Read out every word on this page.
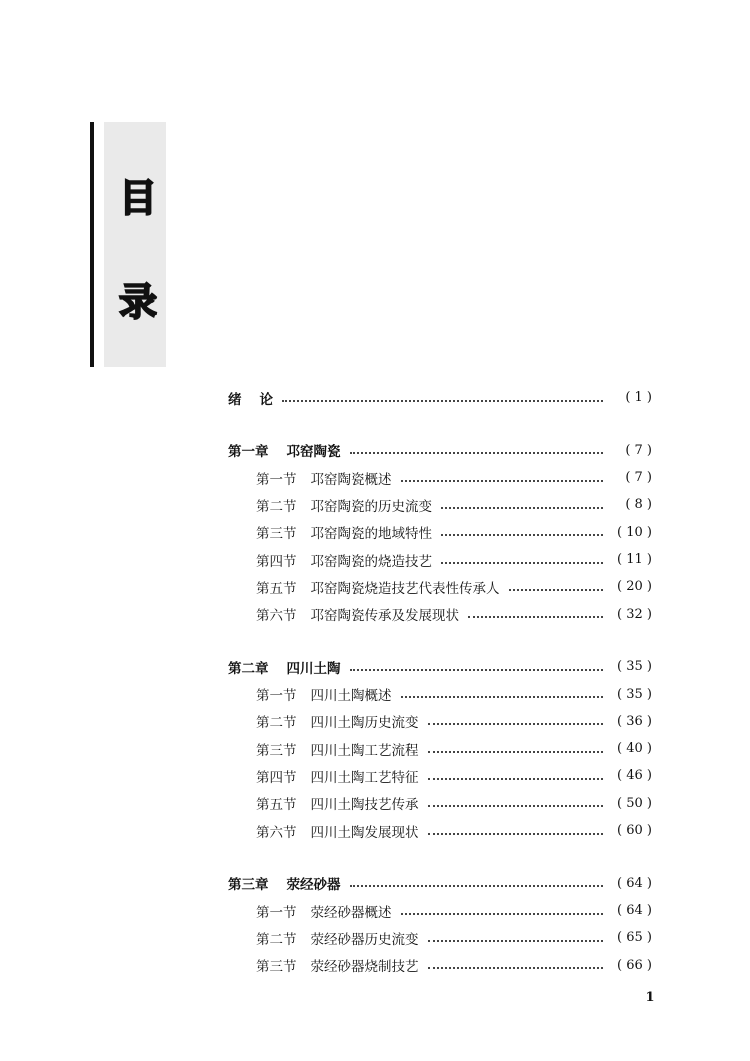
目
录
绪 论	( 1 )
第一章 邛窑陶瓷	( 7 )
第一节 邛窑陶瓷概述	( 7 )
第二节 邛窑陶瓷的历史流变	( 8 )
第三节 邛窑陶瓷的地域特性	( 10 )
第四节 邛窑陶瓷的烧造技艺	( 11 )
第五节 邛窑陶瓷烧造技艺代表性传承人	( 20 )
第六节 邛窑陶瓷传承及发展现状	( 32 )
第二章 四川土陶	( 35 )
第一节 四川土陶概述	( 35 )
第二节 四川土陶历史流变	( 36 )
第三节 四川土陶工艺流程	( 40 )
第四节 四川土陶工艺特征	( 46 )
第五节 四川土陶技艺传承	( 50 )
第六节 四川土陶发展现状	( 60 )
第三章 荥经砂器	( 64 )
第一节 荥经砂器概述	( 64 )
第二节 荥经砂器历史流变	( 65 )
第三节 荥经砂器烧制技艺	( 66 )
1
